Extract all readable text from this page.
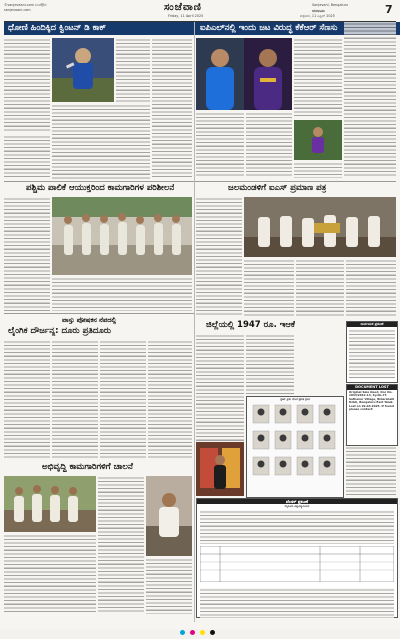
©sanjevaani.com ಸಂಜೆ@ಣಿ
sanjevaani.com	ಸಂಜೆವಾಣಿ
Friday, 11 April 2025
Sanjevani, Bengaluru
ಬೆಂಗಳೂರು
ಶುಕ್ರವಾರ, 11 ಏಪ್ರಿಲ್ 2025	7
ಧೋಣಿ ಹಿಂದಿಕ್ಕಿದ ಕ್ವಿಂಟನ್ ಡಿ ಕಾಕ್	ಐಪಿಎಲ್‌ನಲ್ಲಿ ಇಂದು ಜಟ ವಿರುದ್ಧ ಕೆಕೆಆರ್ ಸೆಣಸು
ಪಶ್ಚಿಮ ಪಾಲಿಕೆ ಆಯುಕ್ತರಿಂದ ಕಾಮಗಾರಿಗಳ ಪರಿಶೀಲನೆ	ಜಲಮಂಡಳಿಗೆ ಐಎಸ್ ಪ್ರಮಾಣ ಪತ್ರ
ವಾಸ್ತು ಪೋಷಕನ ನೆಪದಲ್ಲಿ
ಲೈಂಗಿಕ ದೌರ್ಜನ್ಯ: ದೂರು ಪ್ರತಿದೂರು
ಜಿಲ್ಲೆಯಲ್ಲಿ 1947 ರೂ. ಇಆಕೆ
ಸ್ಟೇಟ್ ಕ್ರಿಯೆ ಮೇಲೆ ಪ್ರೇರಕ ಶ್ರೇಣಿ
ಸಾರ್ವಜನಿಕ ಪ್ರಕಟಣೆ
DOCUMENT LOST
Original Sale Deed, Doc No. 1843/2012-13, Sy.No.73 Sathanur Village, Bidarahalli Hobli, Bengaluru East Taluk. Lost on 29-03-2025. If found please contact:
ಟೆಂಡರ್ ಪ್ರಕಟಣೆ
ಮೈಸೂರು ವಿಶ್ವವಿದ್ಯಾನಿಲಯ
ಅಭಿವೃದ್ಧಿ ಕಾಮಗಾರಿಗಳಿಗೆ ಚಾಲನೆ
